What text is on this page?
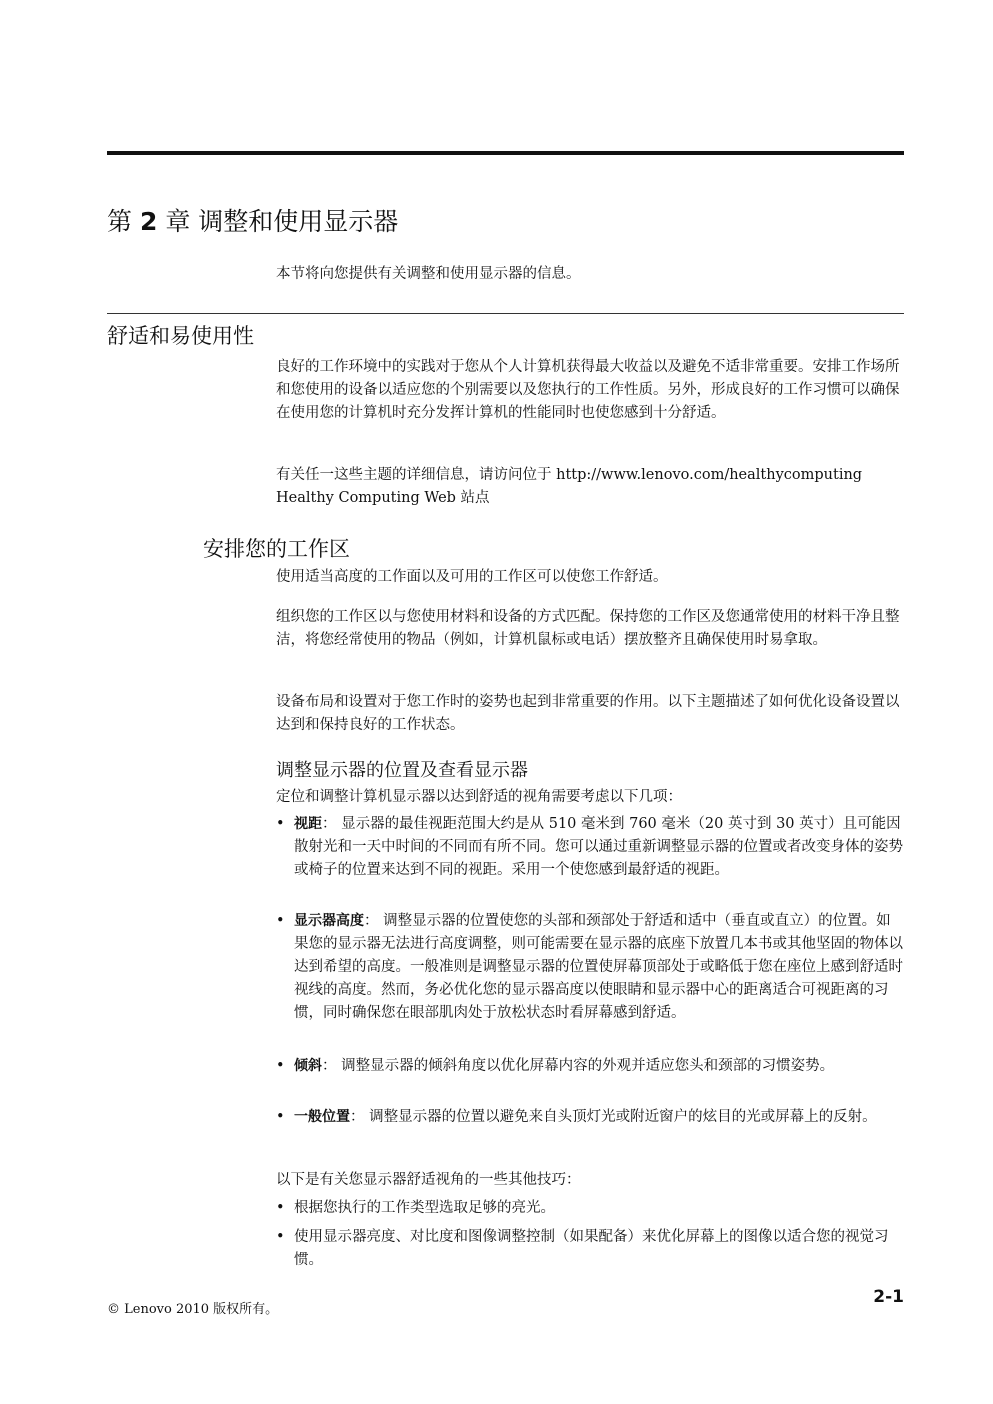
第 2 章 调整和使用显示器

本节将向您提供有关调整和使用显示器的信息。

舒适和易使用性

良好的工作环境中的实践对于您从个人计算机获得最大收益以及避免不适非常重要。安排工作场所和您使用的设备以适应您的个别需要以及您执行的工作性质。另外，形成良好的工作习惯可以确保在使用您的计算机时充分发挥计算机的性能同时也使您感到十分舒适。

有关任一这些主题的详细信息，请访问位于 http://www.lenovo.com/healthycomputing
Healthy Computing Web 站点
安排您的工作区

使用适当高度的工作面以及可用的工作区可以使您工作舒适。

组织您的工作区以与您使用材料和设备的方式匹配。保持您的工作区及您通常使用的材料干净且整洁，将您经常使用的物品（例如，计算机鼠标或电话）摆放整齐且确保使用时易拿取。

设备布局和设置对于您工作时的姿势也起到非常重要的作用。以下主题描述了如何优化设备设置以达到和保持良好的工作状态。

调整显示器的位置及查看显示器

定位和调整计算机显示器以达到舒适的视角需要考虑以下几项：

• 视距： 显示器的最佳视距范围大约是从 510 毫米到 760 毫米（20 英寸到 30 英寸）且可能因散射光和一天中时间的不同而有所不同。您可以通过重新调整显示器的位置或者改变身体的姿势或椅子的位置来达到不同的视距。采用一个使您感到最舒适的视距。
• 显示器高度： 调整显示器的位置使您的头部和颈部处于舒适和适中（垂直或直立）的位置。如果您的显示器无法进行高度调整，则可能需要在显示器的底座下放置几本书或其他坚固的物体以达到希望的高度。一般准则是调整显示器的位置使屏幕顶部处于或略低于您在座位上感到舒适时视线的高度。然而，务必优化您的显示器高度以使眼睛和显示器中心的距离适合可视距离的习惯，同时确保您在眼部肌肉处于放松状态时看屏幕感到舒适。
• 倾斜： 调整显示器的倾斜角度以优化屏幕内容的外观并适应您头和颈部的习惯姿势。
• 一般位置： 调整显示器的位置以避免来自头顶灯光或附近窗户的炫目的光或屏幕上的反射。

以下是有关您显示器舒适视角的一些其他技巧：

• 根据您执行的工作类型选取足够的亮光。
• 使用显示器亮度、对比度和图像调整控制（如果配备）来优化屏幕上的图像以适合您的视觉习惯。
2-1
© Lenovo 2010 版权所有。
